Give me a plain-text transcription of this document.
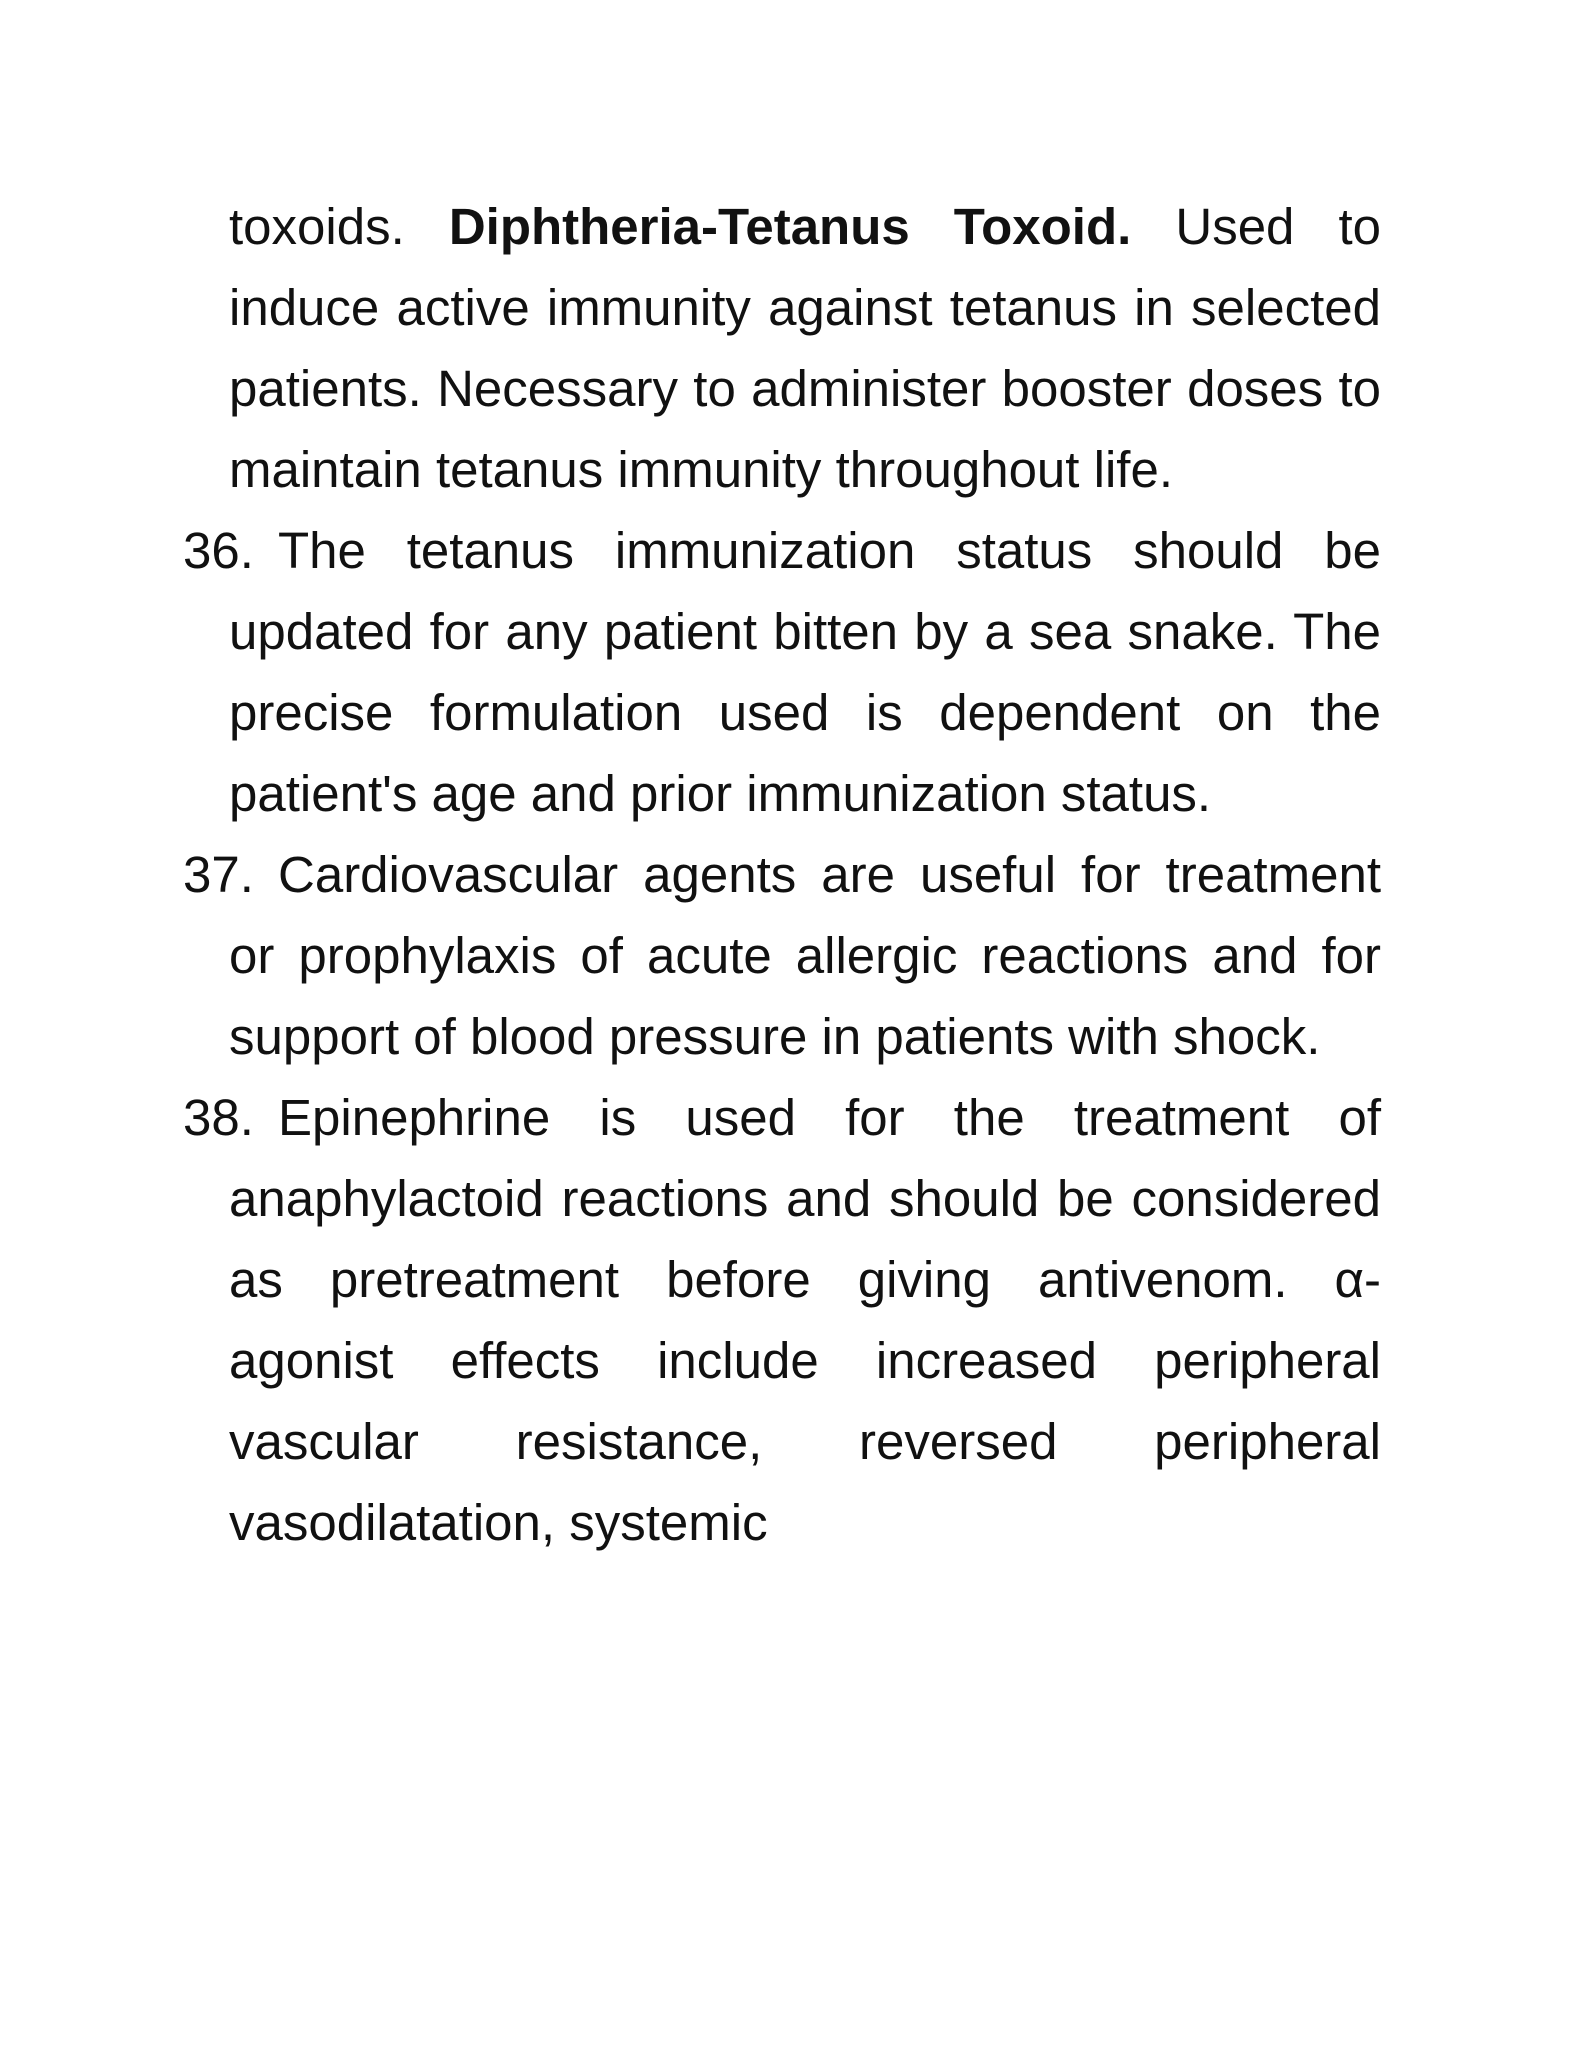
toxoids. Diphtheria-Tetanus Toxoid. Used to induce active immunity against tetanus in selected patients. Necessary to administer booster doses to maintain tetanus immunity throughout life.

36. The tetanus immunization status should be updated for any patient bitten by a sea snake. The precise formulation used is dependent on the patient's age and prior immunization status.

37. Cardiovascular agents are useful for treatment or prophylaxis of acute allergic reactions and for support of blood pressure in patients with shock.

38. Epinephrine is used for the treatment of anaphylactoid reactions and should be considered as pretreatment before giving antivenom. α-agonist effects include increased peripheral vascular resistance, reversed peripheral vasodilatation, systemic
